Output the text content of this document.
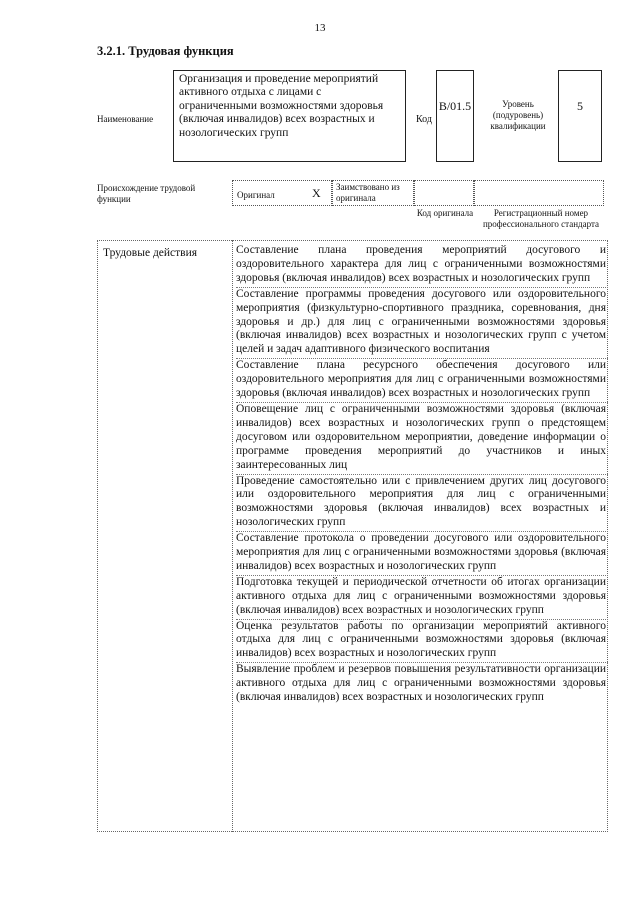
13
3.2.1. Трудовая функция
Наименование
Организация и проведение мероприятий активного отдыха с лицами с ограниченными возможностями здоровья (включая инвалидов) всех возрастных и нозологических групп
Код
B/01.5	Уровень (подуровень) квалификации
5
Происхождение трудовой функции	Оригинал	X Заимствовано из оригинала
Код оригинала	Регистрационный номер профессионального стандарта
Трудовые действия	Составление плана проведения мероприятий досугового и оздоровительного характера для лиц с ограниченными возможностями здоровья (включая инвалидов) всех возрастных и нозологических групп
Составление программы проведения досугового или оздоровительного мероприятия (физкультурно-спортивного праздника, соревнования, дня здоровья и др.) для лиц с ограниченными возможностями здоровья (включая инвалидов) всех возрастных и нозологических групп с учетом целей и задач адаптивного физического воспитания
Составление плана ресурсного обеспечения досугового или оздоровительного мероприятия для лиц с ограниченными возможностями здоровья (включая инвалидов) всех возрастных и нозологических групп
Оповещение лиц с ограниченными возможностями здоровья (включая инвалидов) всех возрастных и нозологических групп о предстоящем досуговом или оздоровительном мероприятии, доведение информации о программе проведения мероприятий до участников и иных заинтересованных лиц
Проведение самостоятельно или с привлечением других лиц досугового или оздоровительного мероприятия для лиц с ограниченными возможностями здоровья (включая инвалидов) всех возрастных и нозологических групп
Составление протокола о проведении досугового или оздоровительного мероприятия для лиц с ограниченными возможностями здоровья (включая инвалидов) всех возрастных и нозологических групп
Подготовка текущей и периодической отчетности об итогах организации активного отдыха для лиц с ограниченными возможностями здоровья (включая инвалидов) всех возрастных и нозологических групп
Оценка результатов работы по организации мероприятий активного отдыха для лиц с ограниченными возможностями здоровья (включая инвалидов) всех возрастных и нозологических групп
Выявление проблем и резервов повышения результативности организации активного отдыха для лиц с ограниченными возможностями здоровья (включая инвалидов) всех возрастных и нозологических групп
